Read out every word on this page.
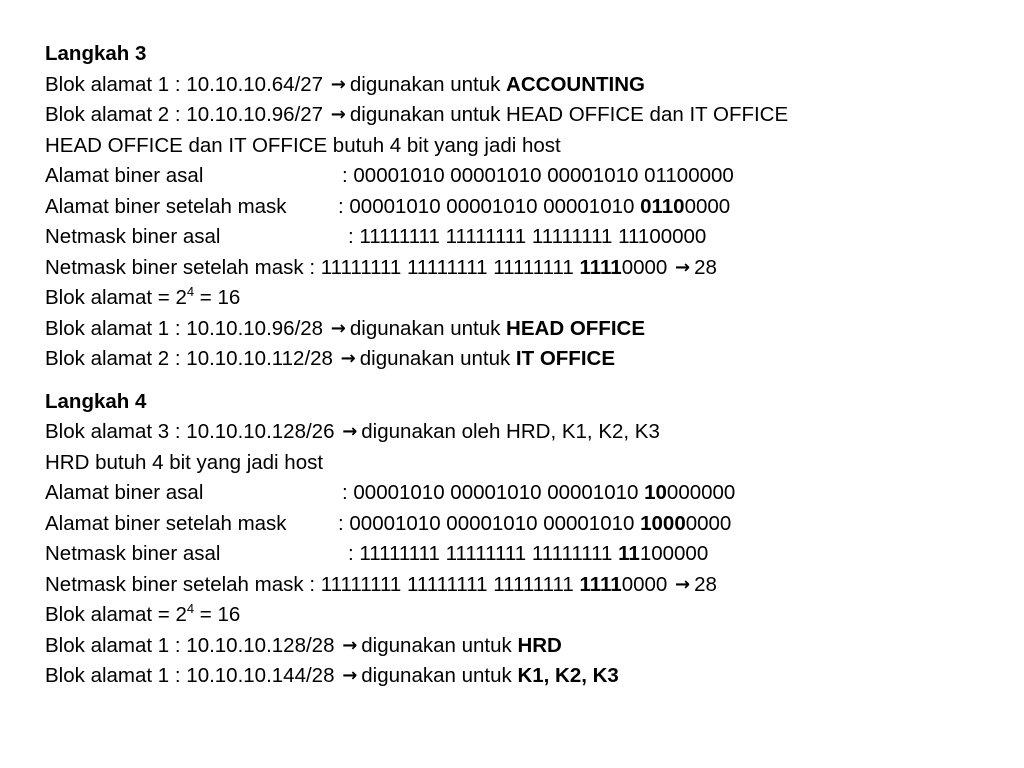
Langkah 3
Blok alamat 1 : 10.10.10.64/27 → digunakan untuk ACCOUNTING
Blok alamat 2 : 10.10.10.96/27 → digunakan untuk HEAD OFFICE dan IT OFFICE
HEAD OFFICE dan IT OFFICE butuh 4 bit yang jadi host
Alamat biner asal	: 00001010 00001010 00001010 01100000
Alamat biner setelah mask	: 00001010 00001010 00001010 01100000
Netmask biner asal	: 11111111 11111111 11111111 11100000
Netmask biner setelah mask : 11111111 11111111 11111111 11110000 → 28
Blok alamat = $2^4 = 16$
Blok alamat 1 : 10.10.10.96/28 → digunakan untuk HEAD OFFICE
Blok alamat 2 : 10.10.10.112/28 → digunakan untuk IT OFFICE
Langkah 4
Blok alamat 3 : 10.10.10.128/26 → digunakan oleh HRD, K1, K2, K3
HRD butuh 4 bit yang jadi host
Alamat biner asal	: 00001010 00001010 00001010 10000000
Alamat biner setelah mask	: 00001010 00001010 00001010 10000000
Netmask biner asal	: 11111111 11111111 11111111 11100000
Netmask biner setelah mask : 11111111 11111111 11111111 11110000 → 28
Blok alamat = $2^4 = 16$
Blok alamat 1 : 10.10.10.128/28 → digunakan untuk HRD
Blok alamat 1 : 10.10.10.144/28 → digunakan untuk K1, K2, K3
